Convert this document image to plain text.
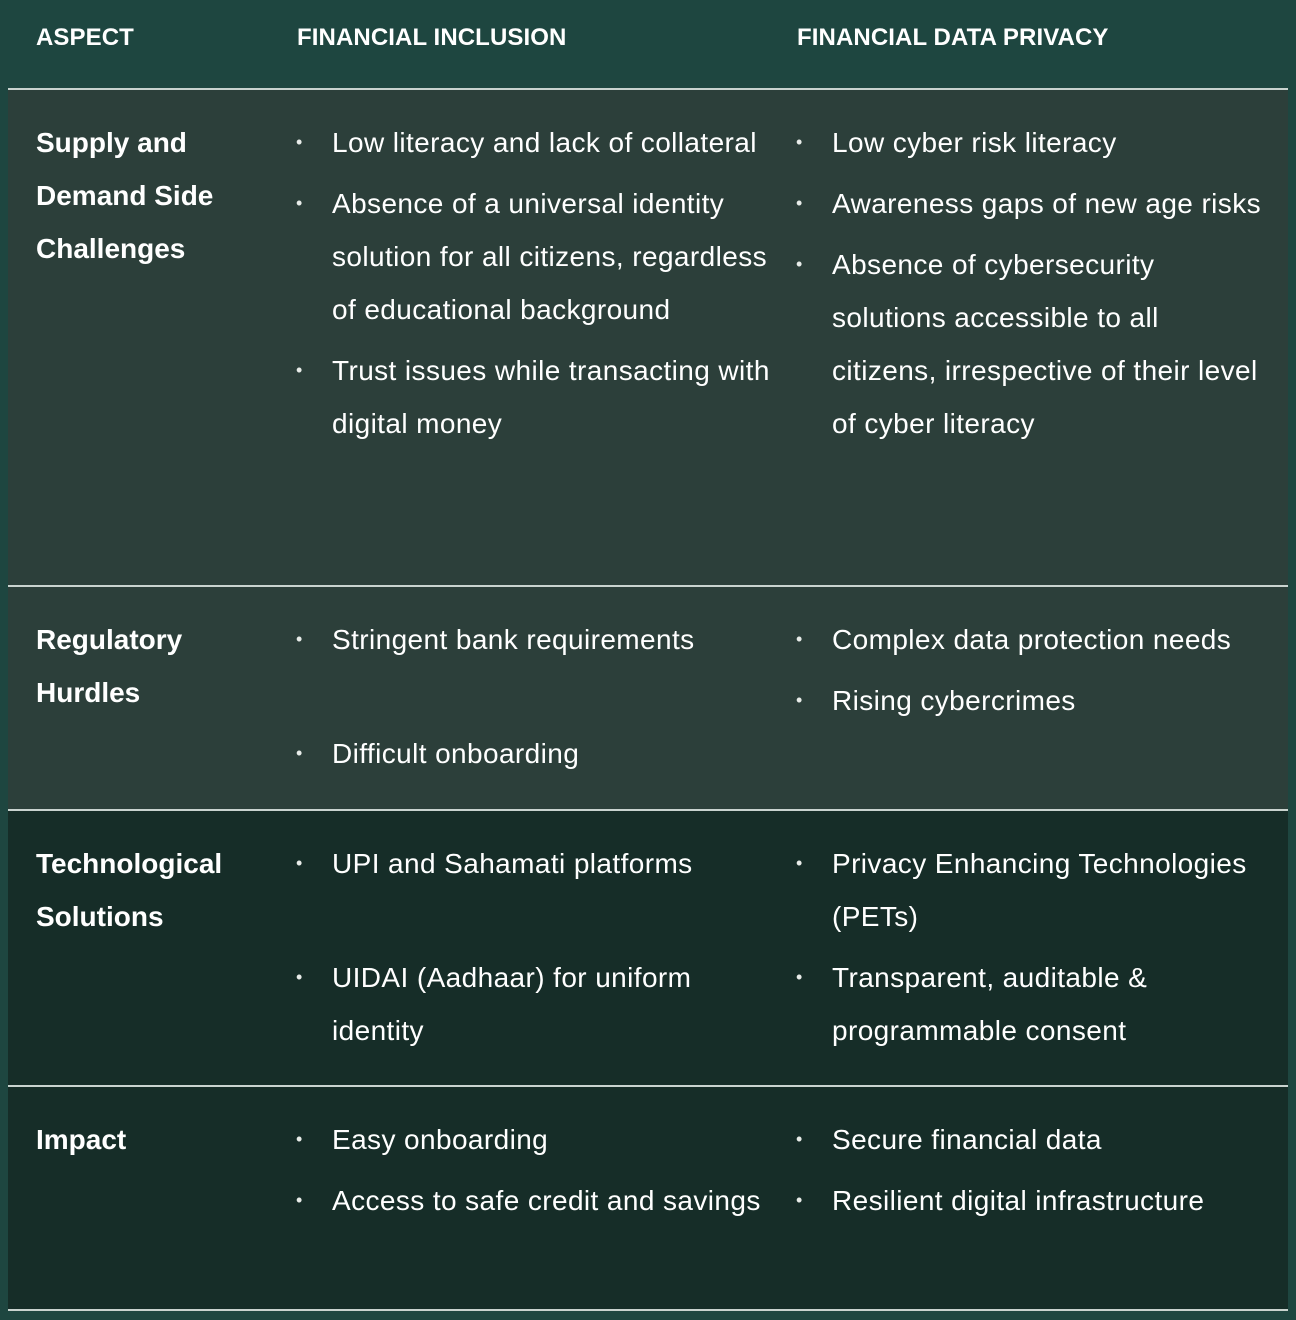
ASPECT	FINANCIAL INCLUSION	FINANCIAL DATA PRIVACY
Supply and Demand Side Challenges
• Low literacy and lack of collateral
• Absence of a universal identity solution for all citizens, regardless of educational background
• Trust issues while transacting with digital money
• Low cyber risk literacy
• Awareness gaps of new age risks
• Absence of cybersecurity solutions accessible to all citizens, irrespective of their level of cyber literacy
Regulatory Hurdles
• Stringent bank requirements
• Difficult onboarding
• Complex data protection needs
• Rising cybercrimes
Technological Solutions
• UPI and Sahamati platforms
• UIDAI (Aadhaar) for uniform identity
• Privacy Enhancing Technologies (PETs)
• Transparent, auditable & programmable consent
Impact
•	Easy onboarding
• Access to safe credit and savings
• Secure financial data
• Resilient digital infrastructure
